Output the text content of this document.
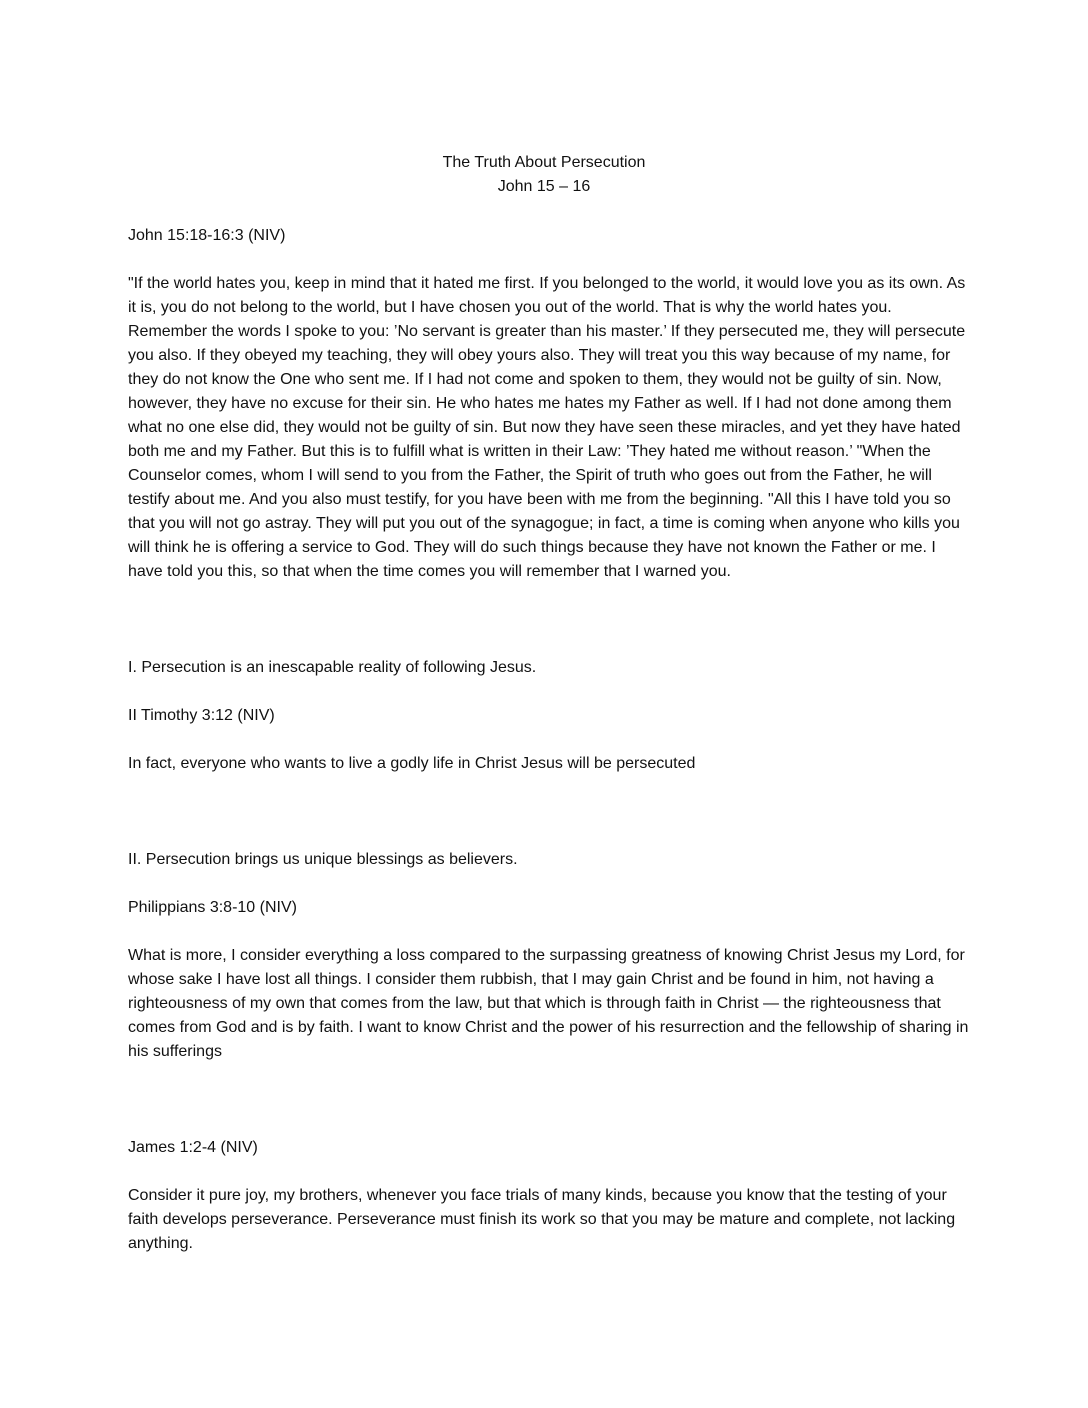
The Truth About Persecution
John 15 – 16

John 15:18-16:3 (NIV)

"If the world hates you, keep in mind that it hated me first. If you belonged to the world, it would love you as its own. As it is, you do not belong to the world, but I have chosen you out of the world. That is why the world hates you. Remember the words I spoke to you: ’No servant is greater than his master.’ If they persecuted me, they will persecute you also. If they obeyed my teaching, they will obey yours also. They will treat you this way because of my name, for they do not know the One who sent me. If I had not come and spoken to them, they would not be guilty of sin. Now, however, they have no excuse for their sin. He who hates me hates my Father as well. If I had not done among them what no one else did, they would not be guilty of sin. But now they have seen these miracles, and yet they have hated both me and my Father. But this is to fulfill what is written in their Law: ’They hated me without reason.’ "When the Counselor comes, whom I will send to you from the Father, the Spirit of truth who goes out from the Father, he will testify about me. And you also must testify, for you have been with me from the beginning. "All this I have told you so that you will not go astray. They will put you out of the synagogue; in fact, a time is coming when anyone who kills you will think he is offering a service to God. They will do such things because they have not known the Father or me. I have told you this, so that when the time comes you will remember that I warned you.

I. Persecution is an inescapable reality of following Jesus.

II Timothy 3:12 (NIV)

In fact, everyone who wants to live a godly life in Christ Jesus will be persecuted

II. Persecution brings us unique blessings as believers.

Philippians 3:8-10 (NIV)

What is more, I consider everything a loss compared to the surpassing greatness of knowing Christ Jesus my Lord, for whose sake I have lost all things. I consider them rubbish, that I may gain Christ and be found in him, not having a righteousness of my own that comes from the law, but that which is through faith in Christ — the righteousness that comes from God and is by faith. I want to know Christ and the power of his resurrection and the fellowship of sharing in his sufferings

James 1:2-4 (NIV)

Consider it pure joy, my brothers, whenever you face trials of many kinds, because you know that the testing of your faith develops perseverance. Perseverance must finish its work so that you may be mature and complete, not lacking anything.
